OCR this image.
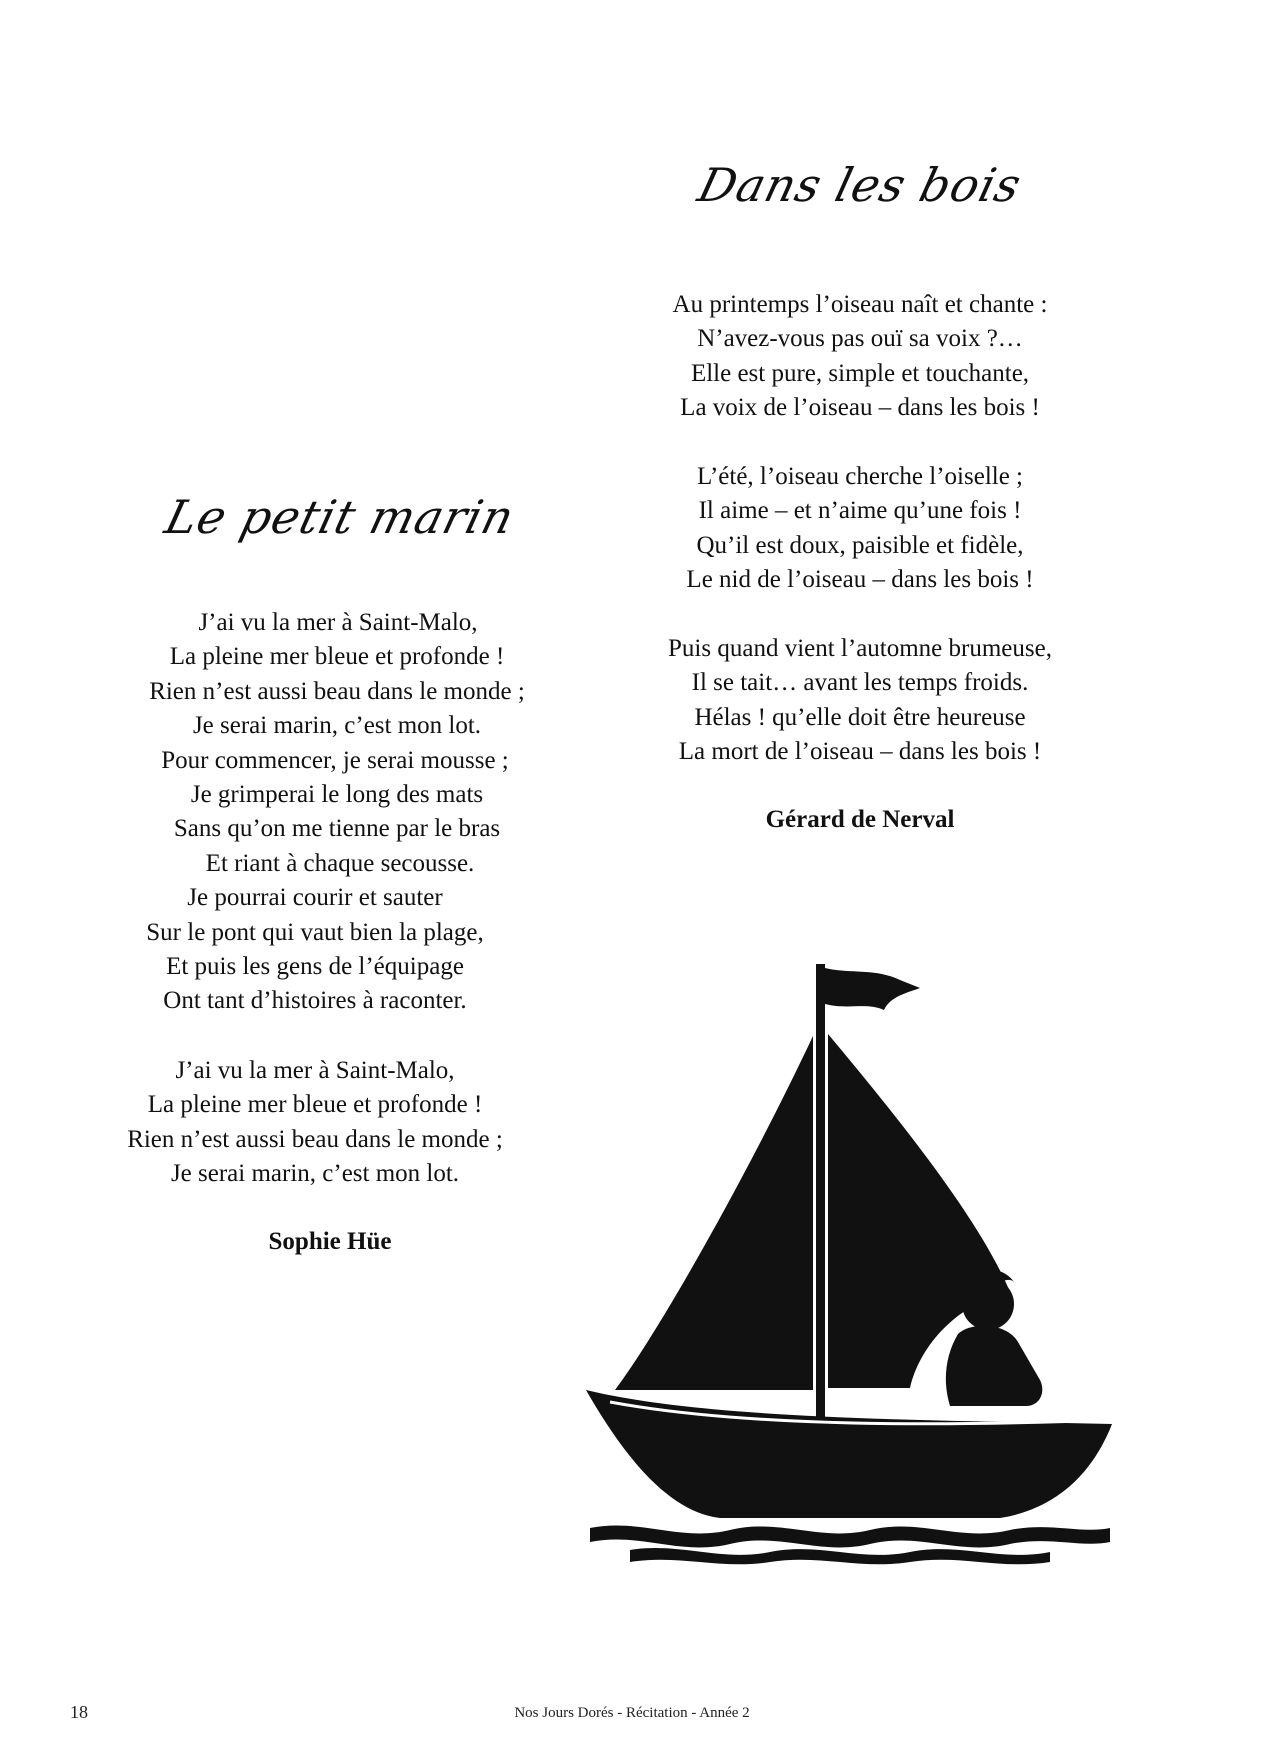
Dans les bois
Au printemps l’oiseau naît et chante :
N’avez-vous pas ouï sa voix ?…
Elle est pure, simple et touchante,
La voix de l’oiseau – dans les bois !
L’été, l’oiseau cherche l’oiselle ;
Il aime – et n’aime qu’une fois !
Qu’il est doux, paisible et fidèle,
Le nid de l’oiseau – dans les bois !
Puis quand vient l’automne brumeuse,
Il se tait… avant les temps froids.
Hélas ! qu’elle doit être heureuse
La mort de l’oiseau – dans les bois !
Gérard de Nerval
Le petit marin
J’ai vu la mer à Saint-Malo,
La pleine mer bleue et profonde !
Rien n’est aussi beau dans le monde ;
Je serai marin, c’est mon lot.
Pour commencer, je serai mousse ;
Je grimperai le long des mats
Sans qu’on me tienne par le bras
Et riant à chaque secousse.
Je pourrai courir et sauter
Sur le pont qui vaut bien la plage,
Et puis les gens de l’équipage
Ont tant d’histoires à raconter.
J’ai vu la mer à Saint-Malo,
La pleine mer bleue et profonde !
Rien n’est aussi beau dans le monde ;
Je serai marin, c’est mon lot.
Sophie Hüe
18	Nos Jours Dorés - Récitation - Année 2
